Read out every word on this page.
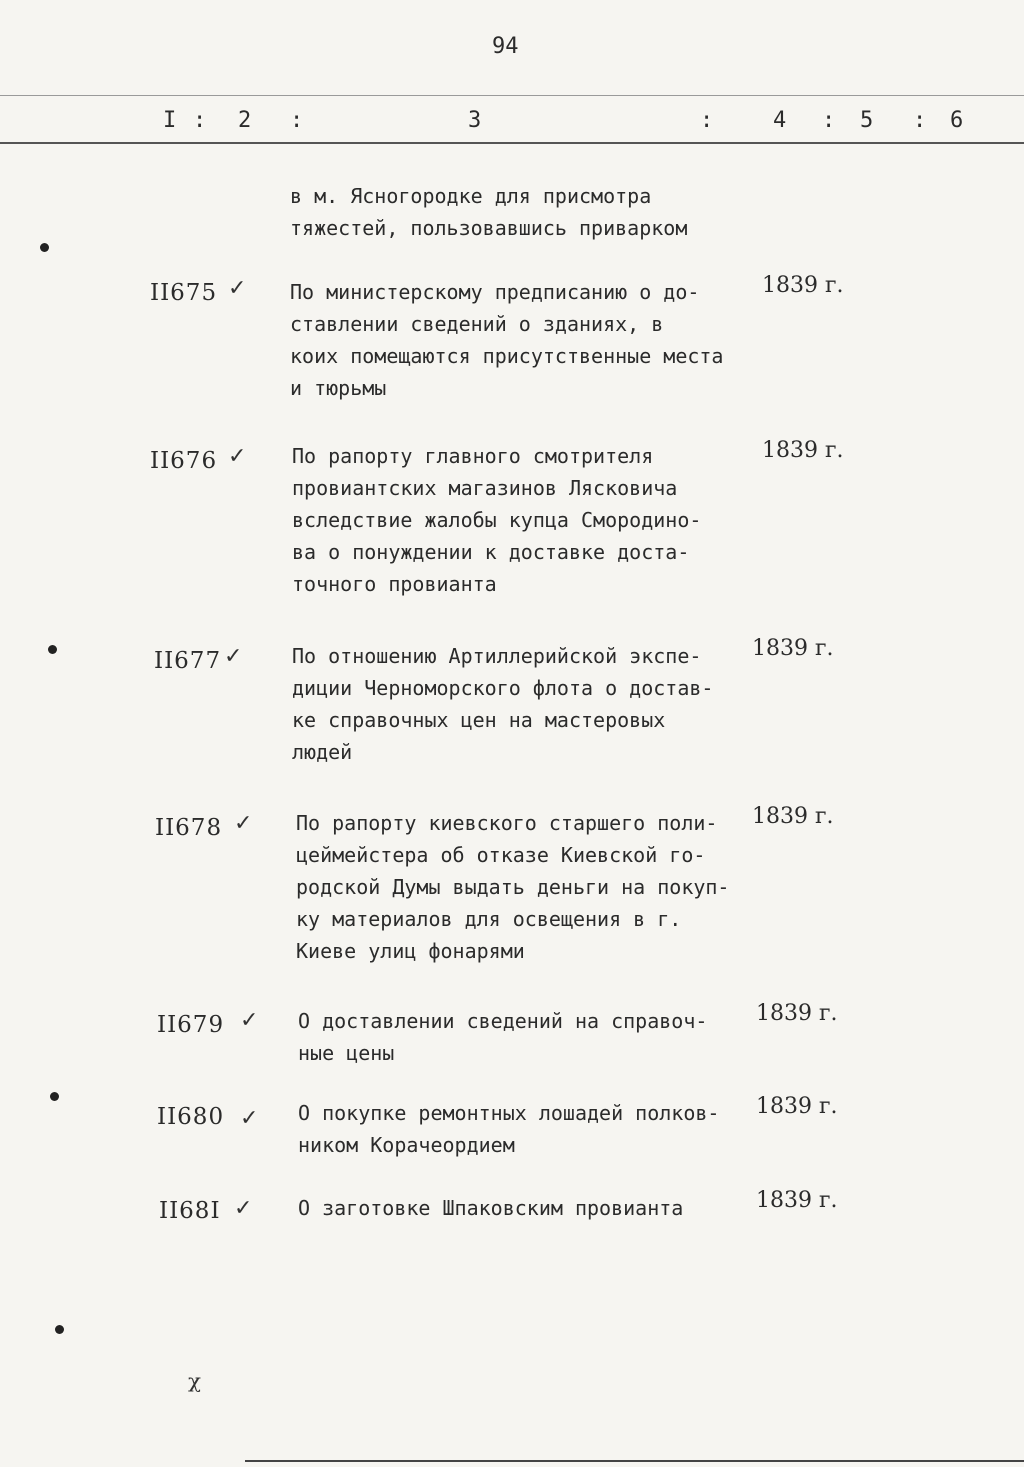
94
I : 2 :	3	:	4 : 5 : 6
в м. Ясногородке для присмотра
тяжестей, пользовавшись приварком
II675 ✓ По министерскому предписанию о до-
ставлении сведений о зданиях, в
коих помещаются присутственные места
и тюрьмы
1839 г.
II676 ✓ По рапорту главного смотрителя
провиантских магазинов Лясковича
вследствие жалобы купца Смородино-
ва о понуждении к доставке доста-
точного провианта
1839 г.
II677 ✓ По отношению Артиллерийской экспе-
диции Черноморского флота о достав-
ке справочных цен на мастеровых
людей
1839 г.
II678 ✓ По рапорту киевского старшего поли-
цеймейстера об отказе Киевской го-
родской Думы выдать деньги на покуп-
ку материалов для освещения в г.
Киеве улиц фонарями
1839 г.
II679 ✓ О доставлении сведений на справоч-
ные цены
1839 г.
II680 ✓ О покупке ремонтных лошадей полков-
ником Корачеордием
1839 г.
II68I ✓ О заготовке Шпаковским провианта	1839 г.
ᵡ
